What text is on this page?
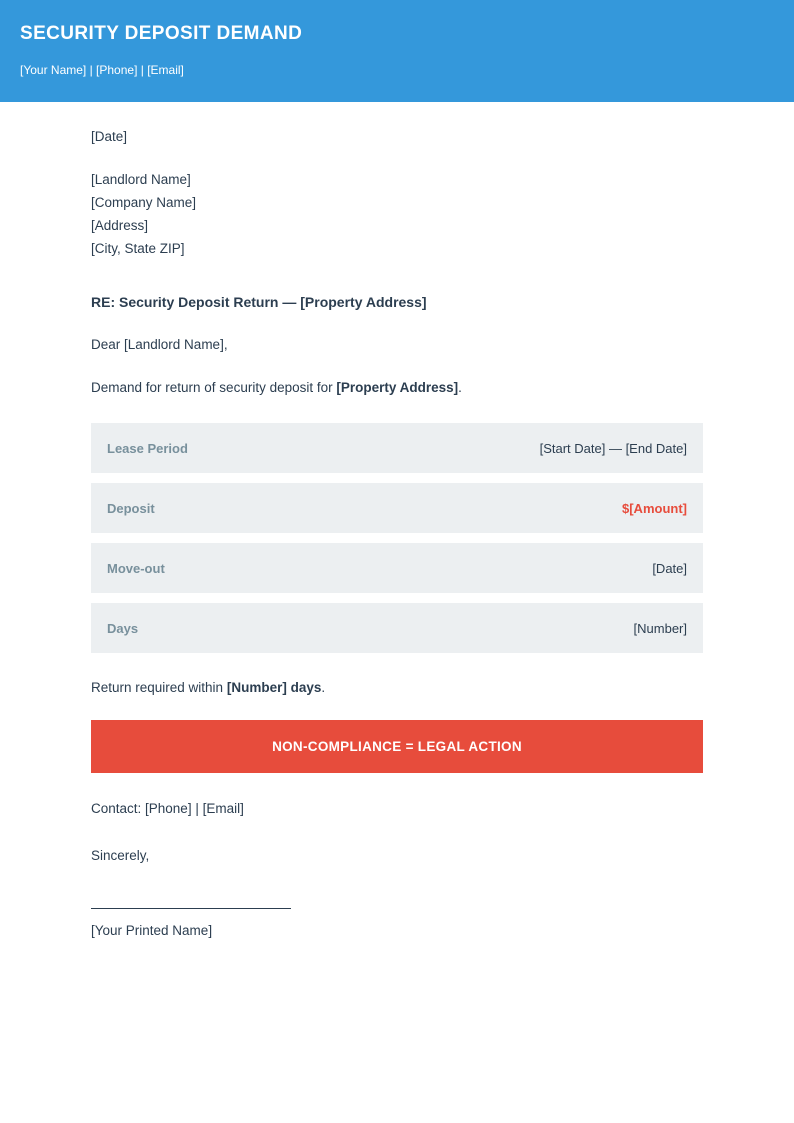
SECURITY DEPOSIT DEMAND

[Your Name] | [Phone] | [Email]

[Date]

[Landlord Name]

[Company Name]

[Address]

[City, State ZIP]

RE: Security Deposit Return — [Property Address]

Dear [Landlord Name],

Demand for return of security deposit for [Property Address].

Lease Period	[Start Date] — [End Date]
Deposit	$[Amount]
Move-out	[Date]
Days	[Number]

Return required within [Number] days.

NON-COMPLIANCE = LEGAL ACTION

Contact: [Phone] | [Email]

Sincerely,

[Your Printed Name]
